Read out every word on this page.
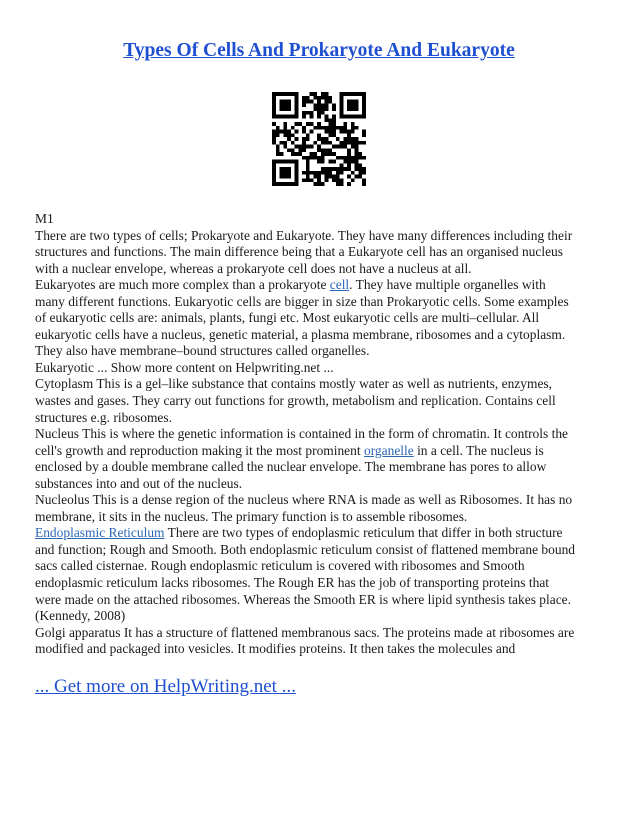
Types Of Cells And Prokaryote And Eukaryote
M1
There are two types of cells; Prokaryote and Eukaryote. They have many differences including their
structures and functions. The main difference being that a Eukaryote cell has an organised nucleus
with a nuclear envelope, whereas a prokaryote cell does not have a nucleus at all.
Eukaryotes are much more complex than a prokaryote cell. They have multiple organelles with
many different functions. Eukaryotic cells are bigger in size than Prokaryotic cells. Some examples
of eukaryotic cells are: animals, plants, fungi etc. Most eukaryotic cells are multi–cellular. All
eukaryotic cells have a nucleus, genetic material, a plasma membrane, ribosomes and a cytoplasm.
They also have membrane–bound structures called organelles.
Eukaryotic ... Show more content on Helpwriting.net ...
Cytoplasm This is a gel–like substance that contains mostly water as well as nutrients, enzymes,
wastes and gases. They carry out functions for growth, metabolism and replication. Contains cell
structures e.g. ribosomes.
Nucleus This is where the genetic information is contained in the form of chromatin. It controls the
cell's growth and reproduction making it the most prominent organelle in a cell. The nucleus is
enclosed by a double membrane called the nuclear envelope. The membrane has pores to allow
substances into and out of the nucleus.
Nucleolus This is a dense region of the nucleus where RNA is made as well as Ribosomes. It has no
membrane, it sits in the nucleus. The primary function is to assemble ribosomes.
Endoplasmic Reticulum There are two types of endoplasmic reticulum that differ in both structure
and function; Rough and Smooth. Both endoplasmic reticulum consist of flattened membrane bound
sacs called cisternae. Rough endoplasmic reticulum is covered with ribosomes and Smooth
endoplasmic reticulum lacks ribosomes. The Rough ER has the job of transporting proteins that
were made on the attached ribosomes. Whereas the Smooth ER is where lipid synthesis takes place.
(Kennedy, 2008)
Golgi apparatus It has a structure of flattened membranous sacs. The proteins made at ribosomes are
modified and packaged into vesicles. It modifies proteins. It then takes the molecules and
... Get more on HelpWriting.net ...
